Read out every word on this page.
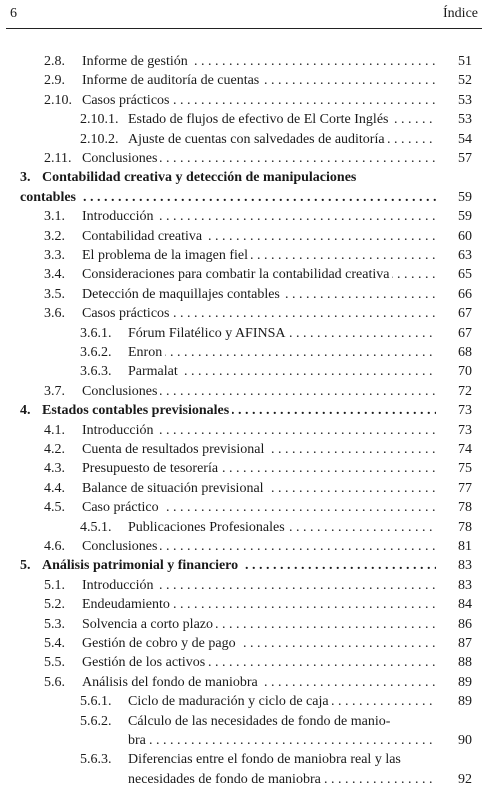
6	Índice
2.8. Informe de gestión . . .	51
2.9. Informe de auditoría de cuentas . . .	52
2.10. Casos prácticos . . .	53
2.10.1. Estado de flujos de efectivo de El Corte Inglés . . .	53
2.10.2. Ajuste de cuentas con salvedades de auditoría . . .	54
2.11. Conclusiones . . .	57
3. Contabilidad creativa y detección de manipulaciones
contables . . .	59
3.1. Introducción . . .	59
3.2. Contabilidad creativa . . .	60
3.3. El problema de la imagen fiel . . .	63
3.4. Consideraciones para combatir la contabilidad creativa . . .	65
3.5. Detección de maquillajes contables . . .	66
3.6. Casos prácticos . . .	67
3.6.1. Fórum Filatélico y AFINSA . . .	67
3.6.2. Enron . . .	68
3.6.3. Parmalat . . .	70
3.7. Conclusiones . . .	72
4. Estados contables previsionales . . .	73
4.1. Introducción . . .	73
4.2. Cuenta de resultados previsional . . .	74
4.3. Presupuesto de tesorería . . .	75
4.4. Balance de situación previsional . . .	77
4.5. Caso práctico . . .	78
4.5.1. Publicaciones Profesionales . . .	78
4.6. Conclusiones . . .	81
5. Análisis patrimonial y financiero . . .	83
5.1. Introducción . . .	83
5.2. Endeudamiento . . .	84
5.3. Solvencia a corto plazo . . .	86
5.4. Gestión de cobro y de pago . . .	87
5.5. Gestión de los activos . . .	88
5.6. Análisis del fondo de maniobra . . .	89
5.6.1. Ciclo de maduración y ciclo de caja . . .	89
5.6.2. Cálculo de las necesidades de fondo de manio-
bra . . .	90
5.6.3. Diferencias entre el fondo de maniobra real y las
necesidades de fondo de maniobra . . .	92
